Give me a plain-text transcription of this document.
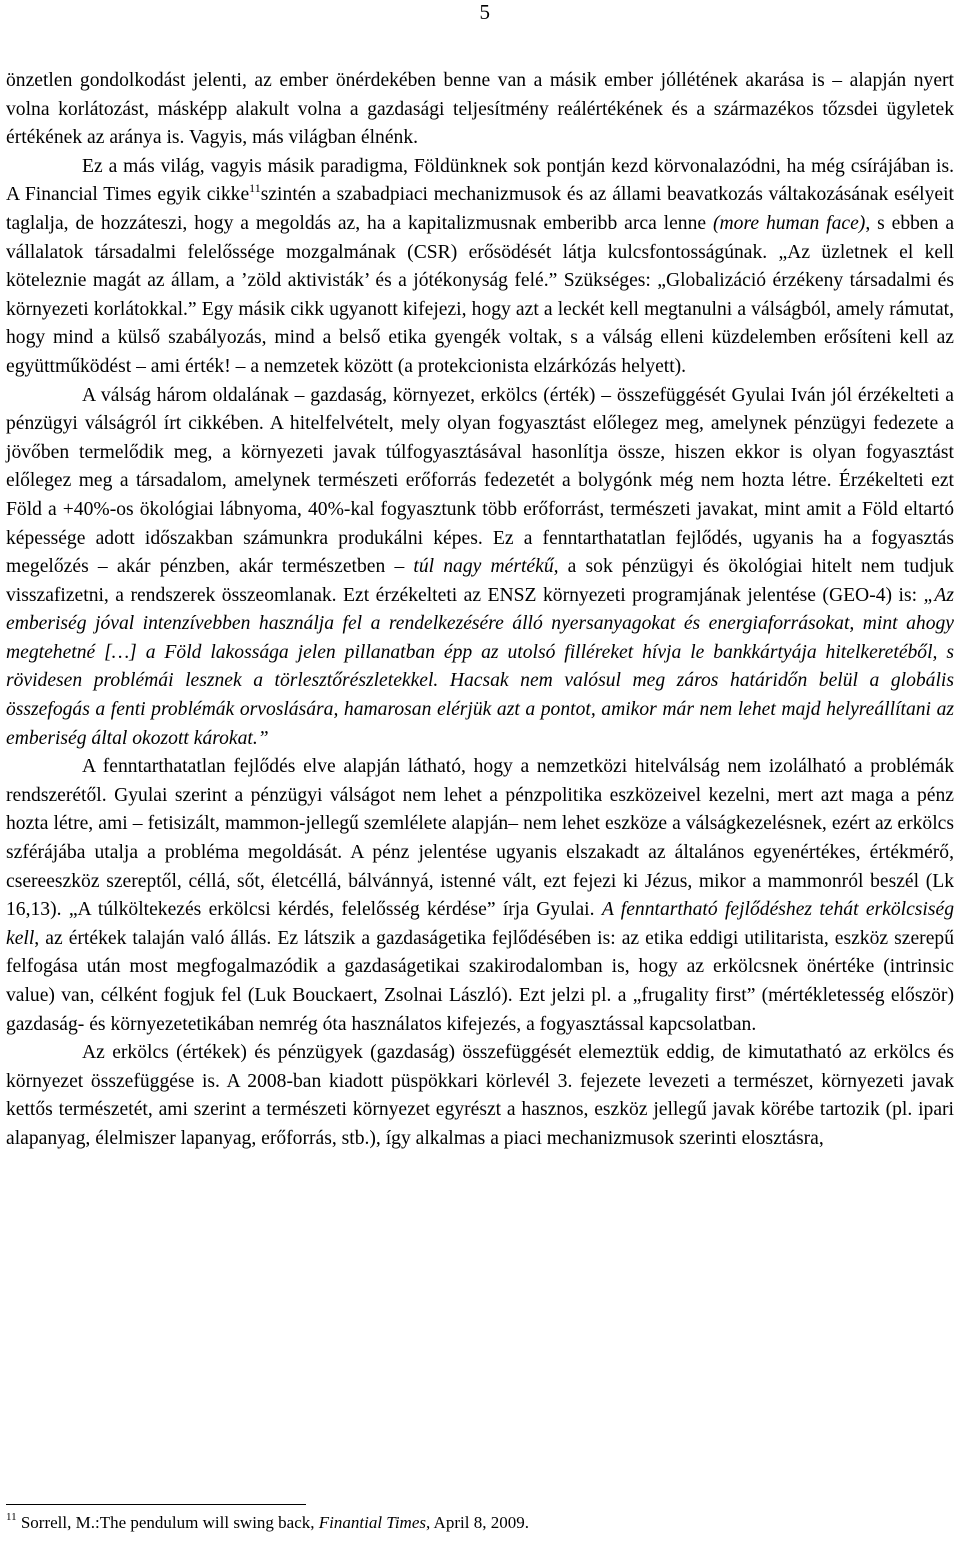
5

önzetlen gondolkodást jelenti, az ember önérdekében benne van a másik ember jóllétének akarása is – alapján nyert volna korlátozást, másképp alakult volna a gazdasági teljesítmény reálértékének és a származékos tőzsdei ügyletek értékének az aránya is. Vagyis, más világban élnénk.

Ez a más világ, vagyis másik paradigma, Földünknek sok pontján kezd körvonalazódni, ha még csírájában is. A Financial Times egyik cikke$^{11}$szintén a szabadpiaci mechanizmusok és az állami beavatkozás váltakozásának esélyeit taglalja, de hozzáteszi, hogy a megoldás az, ha a kapitalizmusnak emberibb arca lenne (more human face), s ebben a vállalatok társadalmi felelőssége mozgalmának (CSR) erősödését látja kulcsfontosságúnak. „Az üzletnek el kell köteleznie magát az állam, a ’zöld aktivisták’ és a jótékonyság felé.” Szükséges: „Globalizáció érzékeny társadalmi és környezeti korlátokkal.” Egy másik cikk ugyanott kifejezi, hogy azt a leckét kell megtanulni a válságból, amely rámutat, hogy mind a külső szabályozás, mind a belső etika gyengék voltak, s a válság elleni küzdelemben erősíteni kell az együttműködést – ami érték! – a nemzetek között (a protekcionista elzárkózás helyett).

A válság három oldalának – gazdaság, környezet, erkölcs (érték) – összefüggését Gyulai Iván jól érzékelteti a pénzügyi válságról írt cikkében. A hitelfelvételt, mely olyan fogyasztást előlegez meg, amelynek pénzügyi fedezete a jövőben termelődik meg, a környezeti javak túlfogyasztásával hasonlítja össze, hiszen ekkor is olyan fogyasztást előlegez meg a társadalom, amelynek természeti erőforrás fedezetét a bolygónk még nem hozta létre. Érzékelteti ezt Föld a +40%-os ökológiai lábnyoma, 40%-kal fogyasztunk több erőforrást, természeti javakat, mint amit a Föld eltartó képessége adott időszakban számunkra produkálni képes. Ez a fenntarthatatlan fejlődés, ugyanis ha a fogyasztás megelőzés – akár pénzben, akár természetben – túl nagy mértékű, a sok pénzügyi és ökológiai hitelt nem tudjuk visszafizetni, a rendszerek összeomlanak. Ezt érzékelteti az ENSZ környezeti programjának jelentése (GEO-4) is: „Az emberiség jóval intenzívebben használja fel a rendelkezésére álló nyersanyagokat és energiaforrásokat, mint ahogy megtehetné […] a Föld lakossága jelen pillanatban épp az utolsó filléreket hívja le bankkártyája hitelkeretéből, s rövidesen problémái lesznek a törlesztőrészletekkel. Hacsak nem valósul meg záros határidőn belül a globális összefogás a fenti problémák orvoslására, hamarosan elérjük azt a pontot, amikor már nem lehet majd helyreállítani az emberiség által okozott károkat.”

A fenntarthatatlan fejlődés elve alapján látható, hogy a nemzetközi hitelválság nem izolálható a problémák rendszerétől. Gyulai szerint a pénzügyi válságot nem lehet a pénzpolitika eszközeivel kezelni, mert azt maga a pénz hozta létre, ami – fetisizált, mammon-jellegű szemlélete alapján– nem lehet eszköze a válságkezelésnek, ezért az erkölcs szférájába utalja a probléma megoldását. A pénz jelentése ugyanis elszakadt az általános egyenértékes, értékmérő, csereeszköz szereptől, céllá, sőt, életcéllá, bálvánnyá, istenné vált, ezt fejezi ki Jézus, mikor a mammonról beszél (Lk 16,13). „A túlköltekezés erkölcsi kérdés, felelősség kérdése” írja Gyulai. A fenntartható fejlődéshez tehát erkölcsiség kell, az értékek talaján való állás. Ez látszik a gazdaságetika fejlődésében is: az etika eddigi utilitarista, eszköz szerepű felfogása után most megfogalmazódik a gazdaságetikai szakirodalomban is, hogy az erkölcsnek önértéke (intrinsic value) van, célként fogjuk fel (Luk Bouckaert, Zsolnai László). Ezt jelzi pl. a „frugality first” (mértékletesség először) gazdaság- és környezetetikában nemrég óta használatos kifejezés, a fogyasztással kapcsolatban.

Az erkölcs (értékek) és pénzügyek (gazdaság) összefüggését elemeztük eddig, de kimutatható az erkölcs és környezet összefüggése is. A 2008-ban kiadott püspökkari körlevél 3. fejezete levezeti a természet, környezeti javak kettős természetét, ami szerint a természeti környezet egyrészt a hasznos, eszköz jellegű javak körébe tartozik (pl. ipari alapanyag, élelmiszer lapanyag, erőforrás, stb.), így alkalmas a piaci mechanizmusok szerinti elosztásra,

$^{11}$ Sorrell, M.:The pendulum will swing back, Finantial Times, April 8, 2009.
